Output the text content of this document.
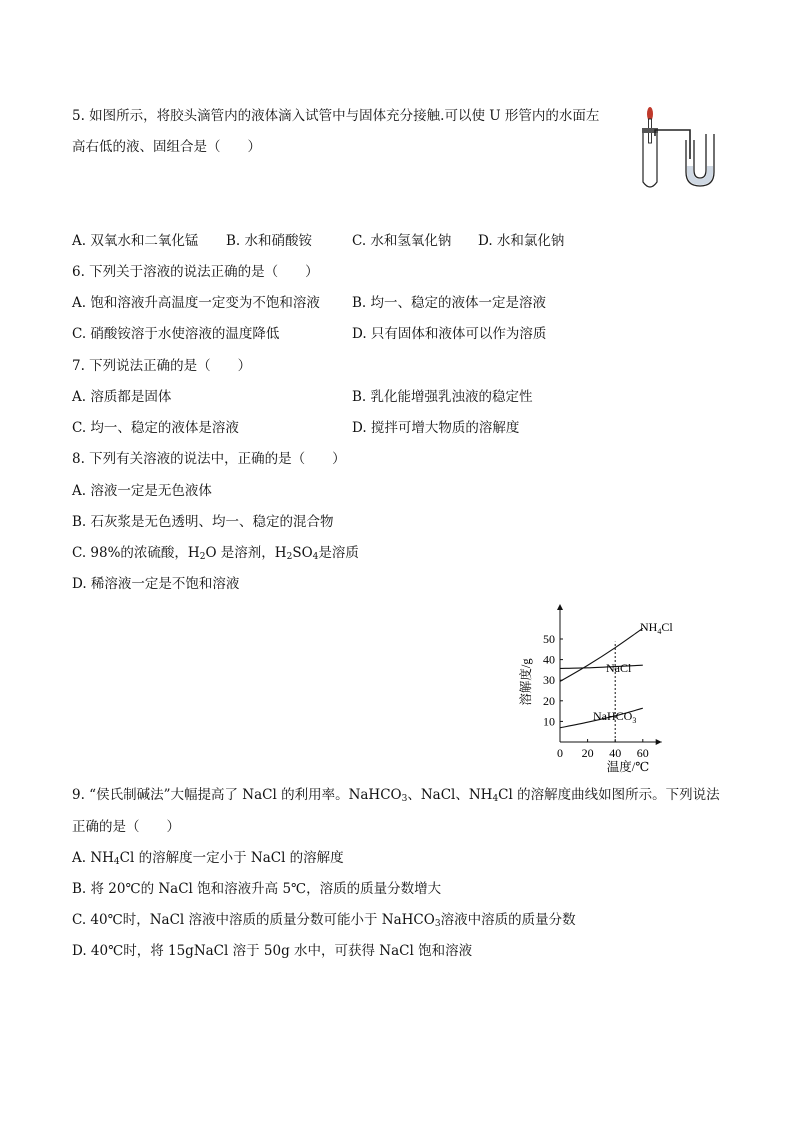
5. 如图所示，将胶头滴管内的液体滴入试管中与固体充分接触.可以使 U 形管内的水面左
高右低的液、固组合是（　　）
A. 双氧水和二氧化锰 B. 水和硝酸铵	C. 水和氢氧化钠 D. 水和氯化钠
6. 下列关于溶液的说法正确的是（　　）
A. 饱和溶液升高温度一定变为不饱和溶液 B. 均一、稳定的液体一定是溶液
C. 硝酸铵溶于水使溶液的温度降低	D. 只有固体和液体可以作为溶质
7. 下列说法正确的是（　　）
A. 溶质都是固体	B. 乳化能增强乳浊液的稳定性
C. 均一、稳定的液体是溶液	D. 搅拌可增大物质的溶解度
8. 下列有关溶液的说法中，正确的是（　　）
A. 溶液一定是无色液体
B. 石灰浆是无色透明、均一、稳定的混合物
C. 98%的浓硫酸，$H_2O$ 是溶剂，$H_2SO_4$是溶质
D. 稀溶液一定是不饱和溶液
0 20 40 60
10
20
30
40
50
溶解度/g
温度/℃
$NH_4Cl$
NaCl
NaHCO$_3$
9. “侯氏制碱法”大幅提高了 NaCl 的利用率。NaHCO$_3$、NaCl、$NH_4Cl$ 的溶解度曲线如图所示。下列说法
正确的是（　　）
A. $NH_4Cl$ 的溶解度一定小于 NaCl 的溶解度
B. 将 20℃的 NaCl 饱和溶液升高 5℃，溶质的质量分数增大
C. 40℃时，NaCl 溶液中溶质的质量分数可能小于 NaHCO$_3$溶液中溶质的质量分数
D. 40℃时，将 15gNaCl 溶于 50g 水中，可获得 NaCl 饱和溶液
